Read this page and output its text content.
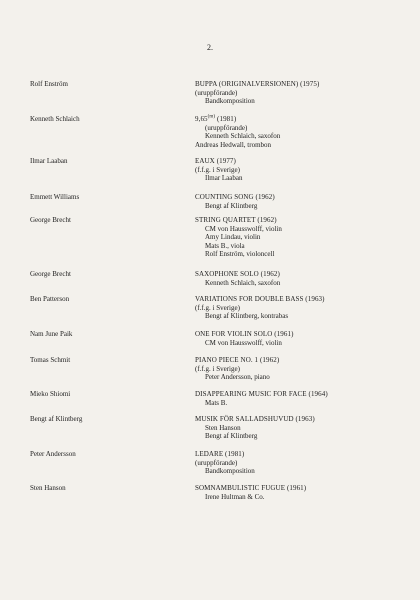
2.
Rolf Enström	BUPPA (ORIGINALVERSIONEN) (1975)
(uruppförande)
Bandkomposition
Kenneth Schlaich	9,65$^{(m)}$ (1981)
(uruppförande)
Kenneth Schlaich, saxofon
Andreas Hedwall, trombon
Ilmar Laaban	EAUX (1977)
(f.f.g. i Sverige)
Ilmar Laaban
Emmett Williams	COUNTING SONG (1962)
Bengt af Klintberg
George Brecht	STRING QUARTET (1962)
CM von Hausswolff, violin
Amy Lindau, violin
Mats B., viola
Rolf Enström, violoncell
George Brecht	SAXOPHONE SOLO (1962)
Kenneth Schlaich, saxofon
Ben Patterson	VARIATIONS FOR DOUBLE BASS (1963)
(f.f.g. i Sverige)
Bengt af Klintberg, kontrabas
Nam June Paik	ONE FOR VIOLIN SOLO (1961)
CM von Hausswolff, violin
Tomas Schmit	PIANO PIECE NO. 1 (1962)
(f.f.g. i Sverige)
Peter Andersson, piano
Mieko Shiomi	DISAPPEARING MUSIC FOR FACE (1964)
Mats B.
Bengt af Klintberg	MUSIK FÖR SALLADSHUVUD (1963)
Sten Hanson
Bengt af Klintberg
Peter Andersson	LEDARE (1981)
(uruppförande)
Bandkomposition
Sten Hanson	SOMNAMBULISTIC FUGUE (1961)
Irene Hultman & Co.
